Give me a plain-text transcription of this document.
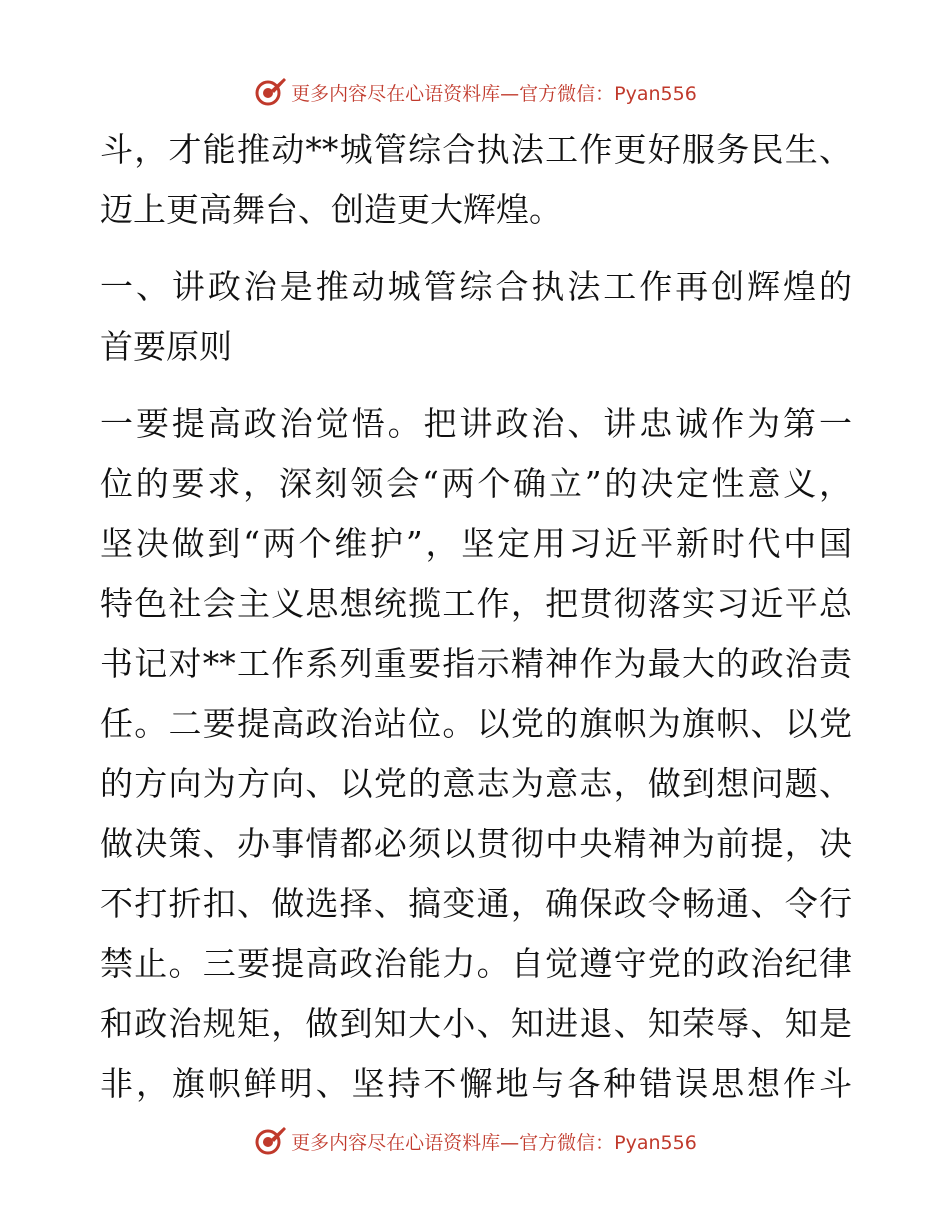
更多内容尽在心语资料库—官方微信：Pyan556
斗，才能推动**城管综合执法工作更好服务民生、
迈上更高舞台、创造更大辉煌。
一、讲政治是推动城管综合执法工作再创辉煌的
首要原则
一要提高政治觉悟。把讲政治、讲忠诚作为第一
位的要求，深刻领会“两个确立”的决定性意义，
坚决做到“两个维护”，坚定用习近平新时代中国
特色社会主义思想统揽工作，把贯彻落实习近平总
书记对**工作系列重要指示精神作为最大的政治责
任。二要提高政治站位。以党的旗帜为旗帜、以党
的方向为方向、以党的意志为意志，做到想问题、
做决策、办事情都必须以贯彻中央精神为前提，决
不打折扣、做选择、搞变通，确保政令畅通、令行
禁止。三要提高政治能力。自觉遵守党的政治纪律
和政治规矩，做到知大小、知进退、知荣辱、知是
非，旗帜鲜明、坚持不懈地与各种错误思想作斗
更多内容尽在心语资料库—官方微信：Pyan556
